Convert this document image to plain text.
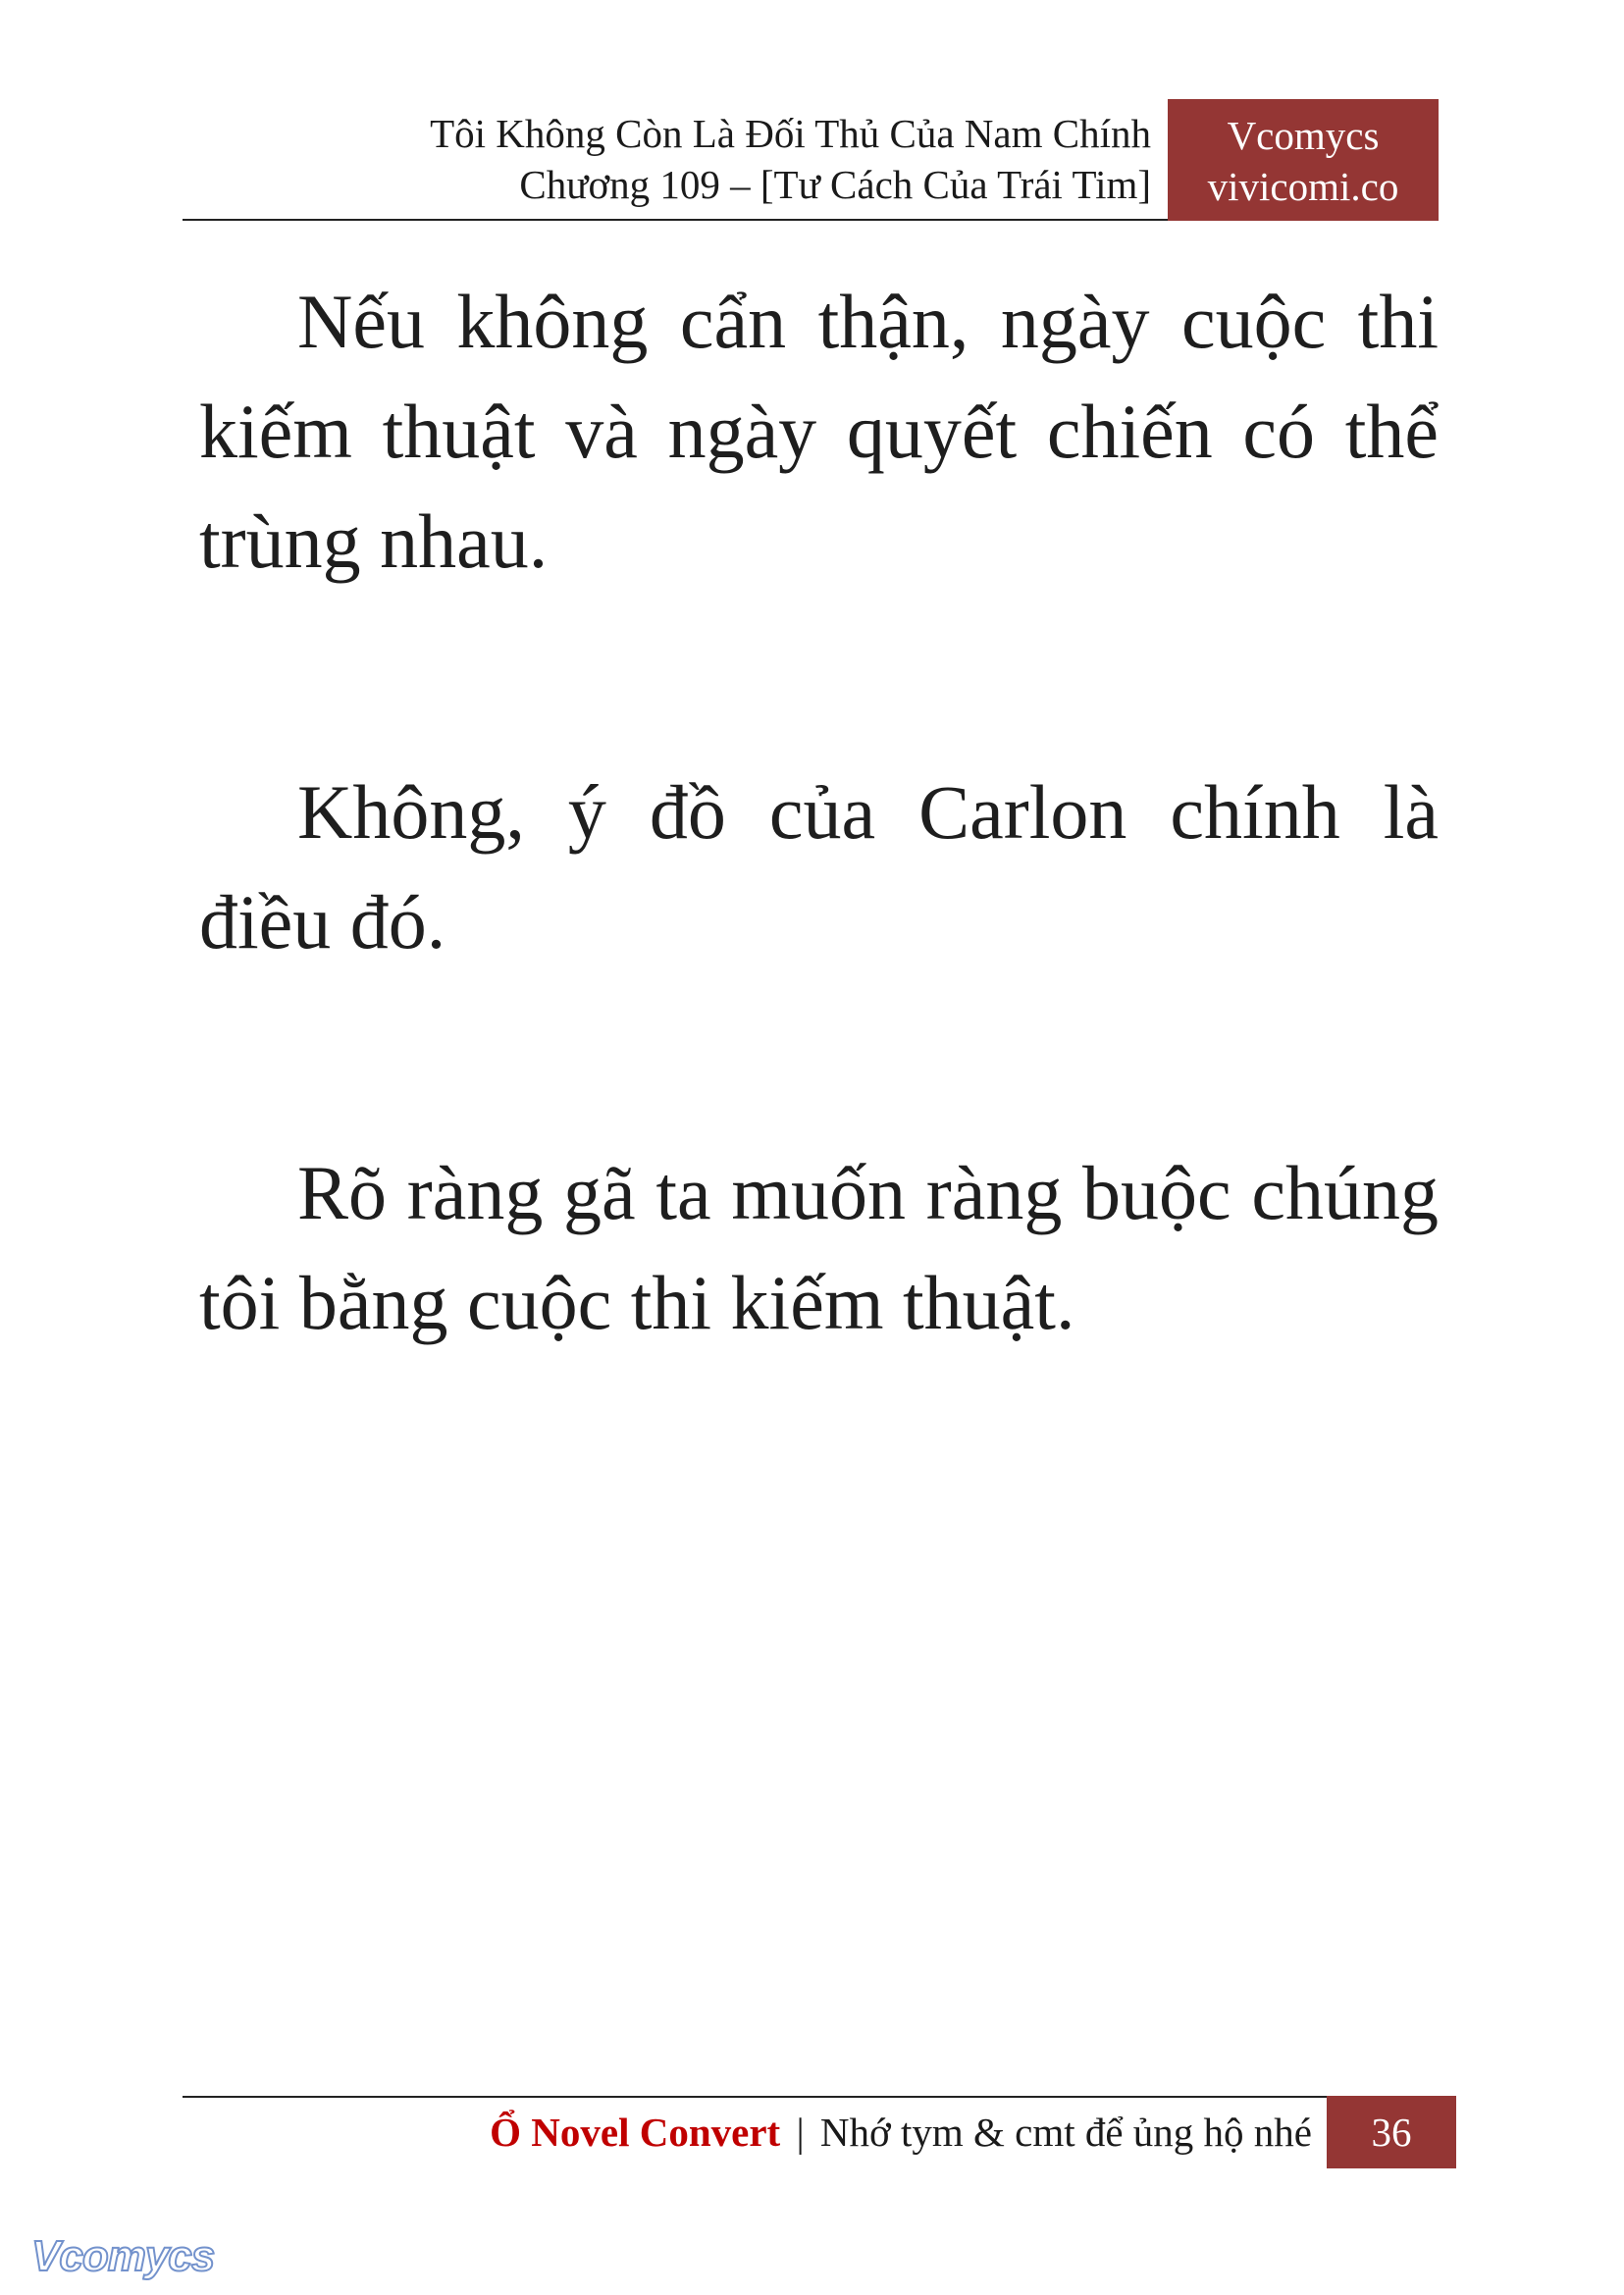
Tôi Không Còn Là Đối Thủ Của Nam Chính
Chương 109 – [Tư Cách Của Trái Tim]
Vcomycs
vivicomi.co

Nếu không cẩn thận, ngày cuộc thi kiếm thuật và ngày quyết chiến có thể trùng nhau.

Không, ý đồ của Carlon chính là điều đó.

Rõ ràng gã ta muốn ràng buộc chúng tôi bằng cuộc thi kiếm thuật.

Ổ Novel Convert | Nhớ tym & cmt để ủng hộ nhé	36
Vcomycs
